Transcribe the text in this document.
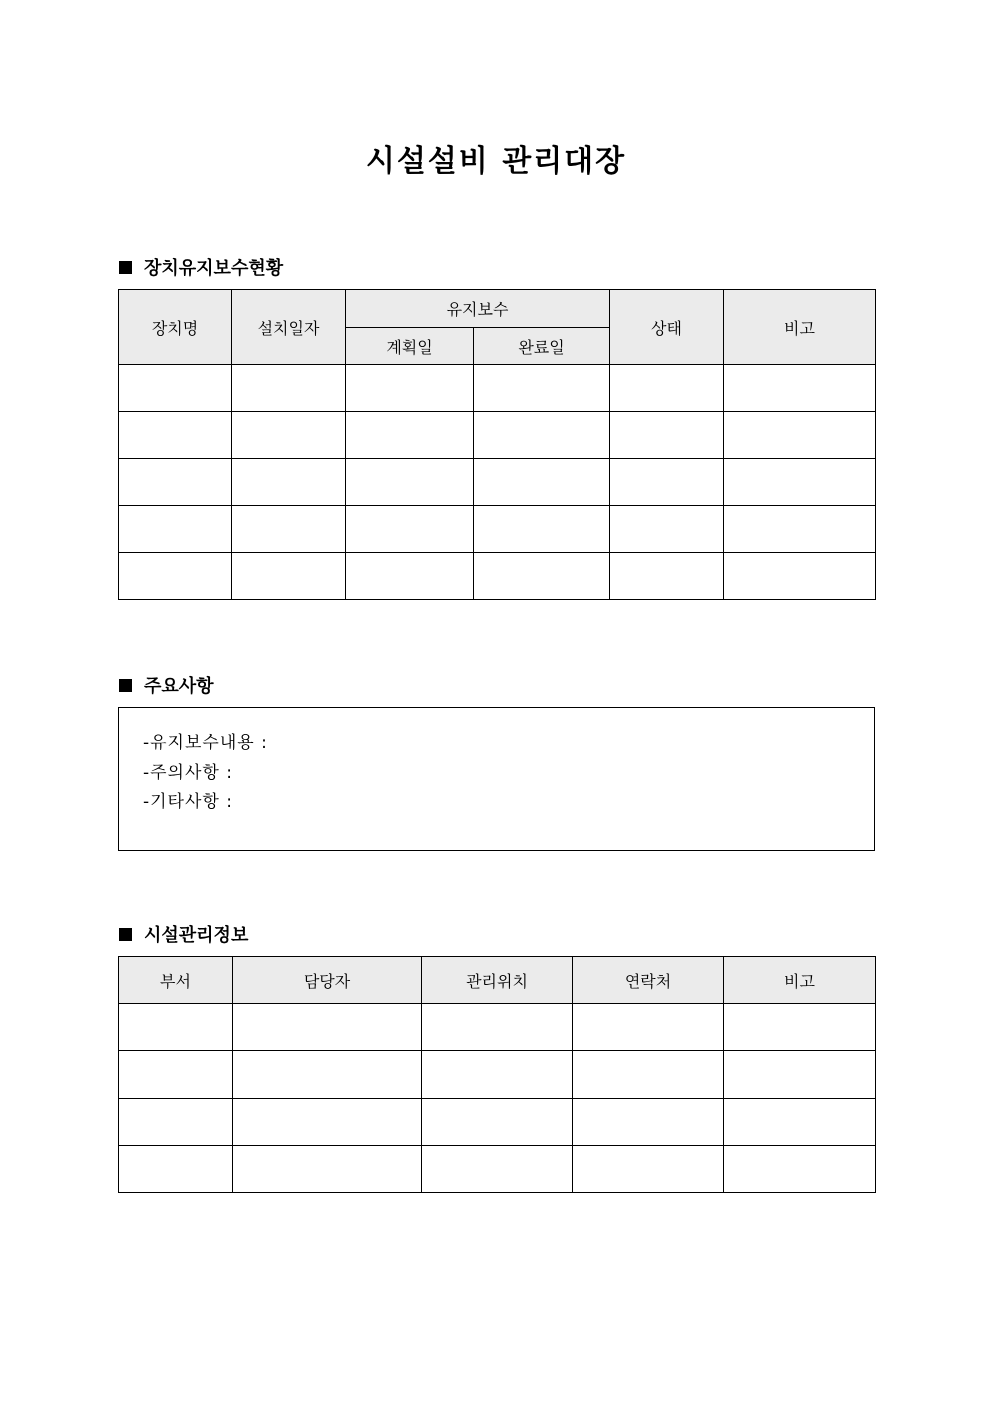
시설설비 관리대장
장치유지보수현황
장치명	설치일자	유지보수		상태	비고
		계획일	완료일		

주요사항
-유지보수내용 :
-주의사항 :
-기타사항 :
시설관리정보
부서	담당자	관리위치	연락처	비고
